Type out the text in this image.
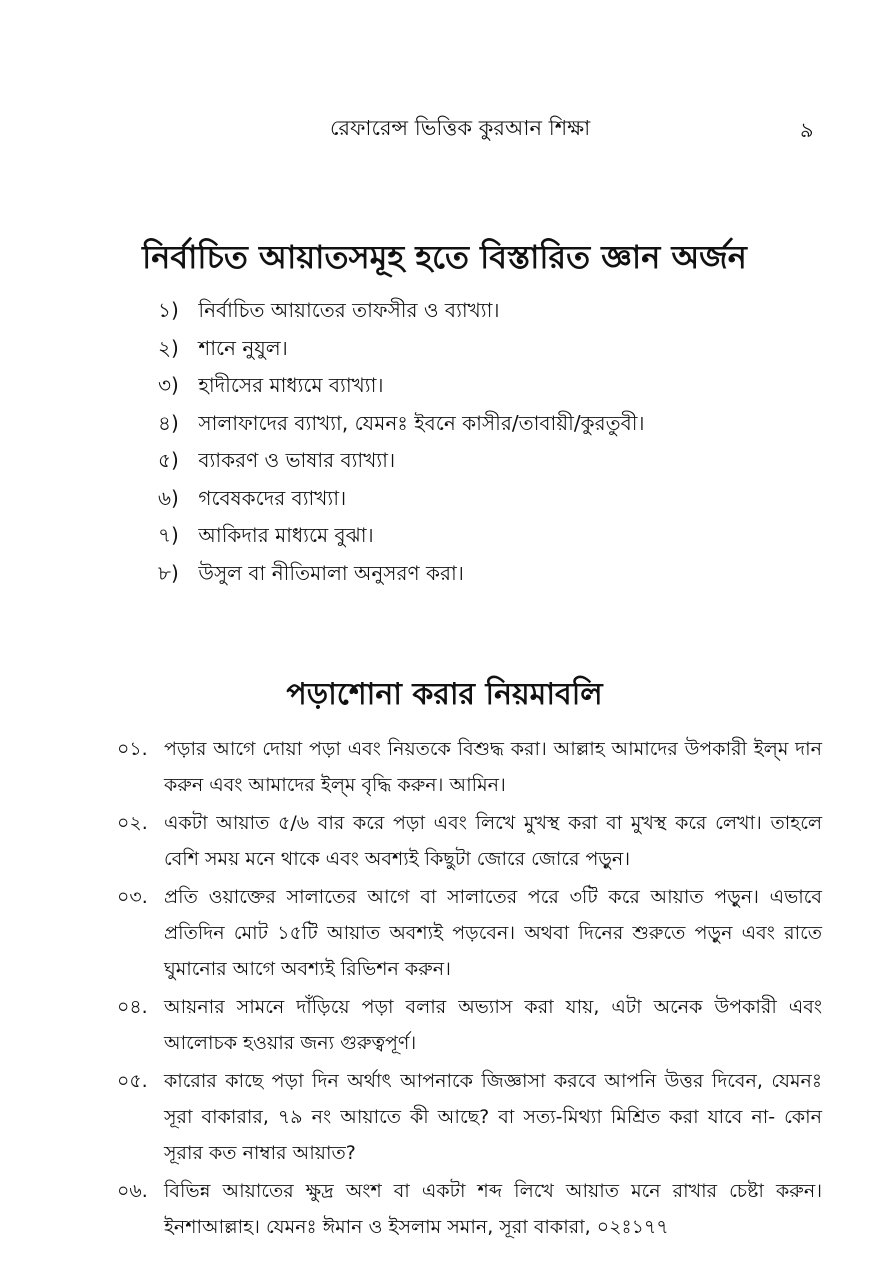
রেফারেন্স ভিত্তিক কুরআন শিক্ষা	৯
নির্বাচিত আয়াতসমূহ হতে বিস্তারিত জ্ঞান অর্জন
১) নির্বাচিত আয়াতের তাফসীর ও ব্যাখ্যা।
২) শানে নুযুল।
৩) হাদীসের মাধ্যমে ব্যাখ্যা।
৪) সালাফাদের ব্যাখ্যা, যেমনঃ ইবনে কাসীর/তাবায়ী/কুরতুবী।
৫) ব্যাকরণ ও ভাষার ব্যাখ্যা।
৬) গবেষকদের ব্যাখ্যা।
৭) আকিদার মাধ্যমে বুঝা।
৮) উসুল বা নীতিমালা অনুসরণ করা।
পড়াশোনা করার নিয়মাবলি
০১. পড়ার আগে দোয়া পড়া এবং নিয়তকে বিশুদ্ধ করা। আল্লাহ আমাদের উপকারী ইল্‌ম দান করুন এবং আমাদের ইল্‌ম বৃদ্ধি করুন। আমিন।
০২. একটা আয়াত ৫/৬ বার করে পড়া এবং লিখে মুখস্থ করা বা মুখস্থ করে লেখা। তাহলে বেশি সময় মনে থাকে এবং অবশ্যই কিছুটা জোরে জোরে পড়ুন।
০৩. প্রতি ওয়াক্তের সালাতের আগে বা সালাতের পরে ৩টি করে আয়াত পড়ুন। এভাবে প্রতিদিন মোট ১৫টি আয়াত অবশ্যই পড়বেন। অথবা দিনের শুরুতে পড়ুন এবং রাতে ঘুমানোর আগে অবশ্যই রিভিশন করুন।
০৪. আয়নার সামনে দাঁড়িয়ে পড়া বলার অভ্যাস করা যায়, এটা অনেক উপকারী এবং আলোচক হওয়ার জন্য গুরুত্বপূর্ণ।
০৫. কারোর কাছে পড়া দিন অর্থাৎ আপনাকে জিজ্ঞাসা করবে আপনি উত্তর দিবেন, যেমনঃ সূরা বাকারার, ৭৯ নং আয়াতে কী আছে? বা সত্য-মিথ্যা মিশ্রিত করা যাবে না- কোন সূরার কত নাম্বার আয়াত?
০৬. বিভিন্ন আয়াতের ক্ষুদ্র অংশ বা একটা শব্দ লিখে আয়াত মনে রাখার চেষ্টা করুন। ইনশাআল্লাহ। যেমনঃ ঈমান ও ইসলাম সমান, সূরা বাকারা, ০২ঃ১৭৭
